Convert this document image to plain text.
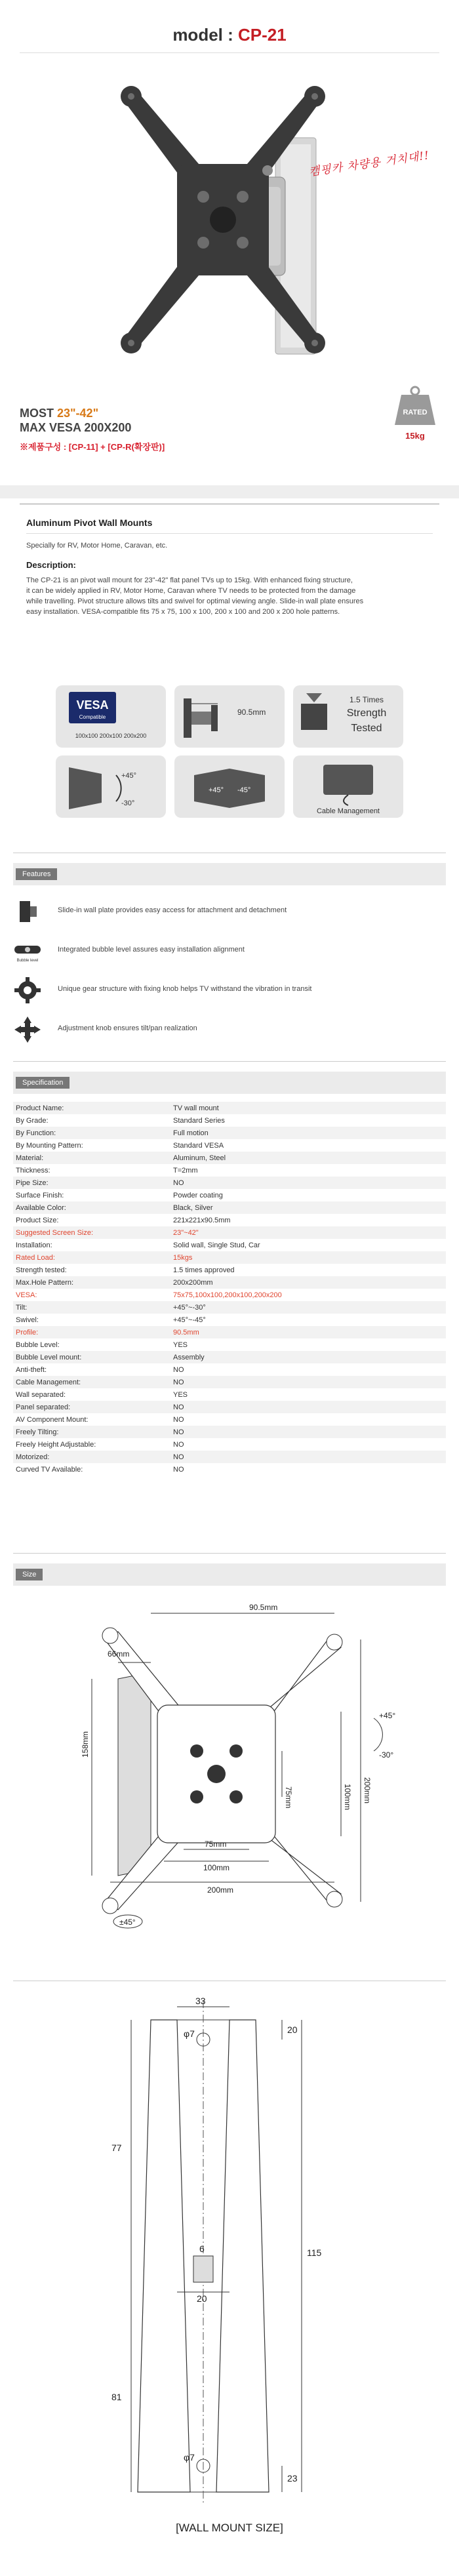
model : CP-21
캠핑카 차량용 거치대!!
MOST 23"-42"
MAX VESA 200X200
※제품구성 : [CP-11] + [CP-R(확장판)]
RATED
15kg
Aluminum Pivot Wall Mounts
Specially for RV, Motor Home, Caravan, etc.
Description:
The CP-21 is an pivot wall mount for 23"-42" flat panel TVs up to 15kg. With enhanced fixing structure,
it can be widely applied in RV, Motor Home, Caravan where TV needs to be protected from the damage
while travelling. Pivot structure allows tilts and swivel for optimal viewing angle. Slide-in wall plate ensures
easy installation. VESA-compatible fits 75 x 75, 100 x 100, 200 x 100 and 200 x 200 hole patterns.
VESA
Compatible
100x100 200x100 200x200
90.5mm
1.5 Times
Strength
Tested
+45°
-30°
+45° -45°
Cable Management
Features
Slide-in wall plate provides easy access for attachment and detachment
Bubble level
Integrated bubble level assures easy installation alignment
Unique gear structure with fixing knob helps TV withstand the vibration in transit
Adjustment knob ensures tilt/pan realization
Specification
Product Name:	TV wall mount
By Grade:	Standard Series
By Function:	Full motion
By Mounting Pattern:	Standard VESA
Material:	Aluminum, Steel
Thickness:	T=2mm
Pipe Size:	NO
Surface Finish:	Powder coating
Available Color:	Black, Silver
Product Size:	221x221x90.5mm
Suggested Screen Size:	23"~42"
Installation:	Solid wall, Single Stud, Car
Rated Load:	15kgs
Strength tested:	1.5 times approved
Max.Hole Pattern:	200x200mm
VESA:	75x75,100x100,200x100,200x200
Tilt:	+45°~-30°
Swivel:	+45°~-45°
Profile:	90.5mm
Bubble Level:	YES
Bubble Level mount:	Assembly
Anti-theft:	NO
Cable Management:	NO
Wall separated:	YES
Panel separated:	NO
AV Component Mount:	NO
Freely Tilting:	NO
Freely Height Adjustable:	NO
Motorized:	NO
Curved TV Available:	NO
Size
90.5mm
66mm
200mm
100mm
75mm
158mm
75mm
100mm
200mm
+45°
-30°
±45°
33
φ7	20
77
6
20
115
81
φ7
23
[WALL MOUNT SIZE]
